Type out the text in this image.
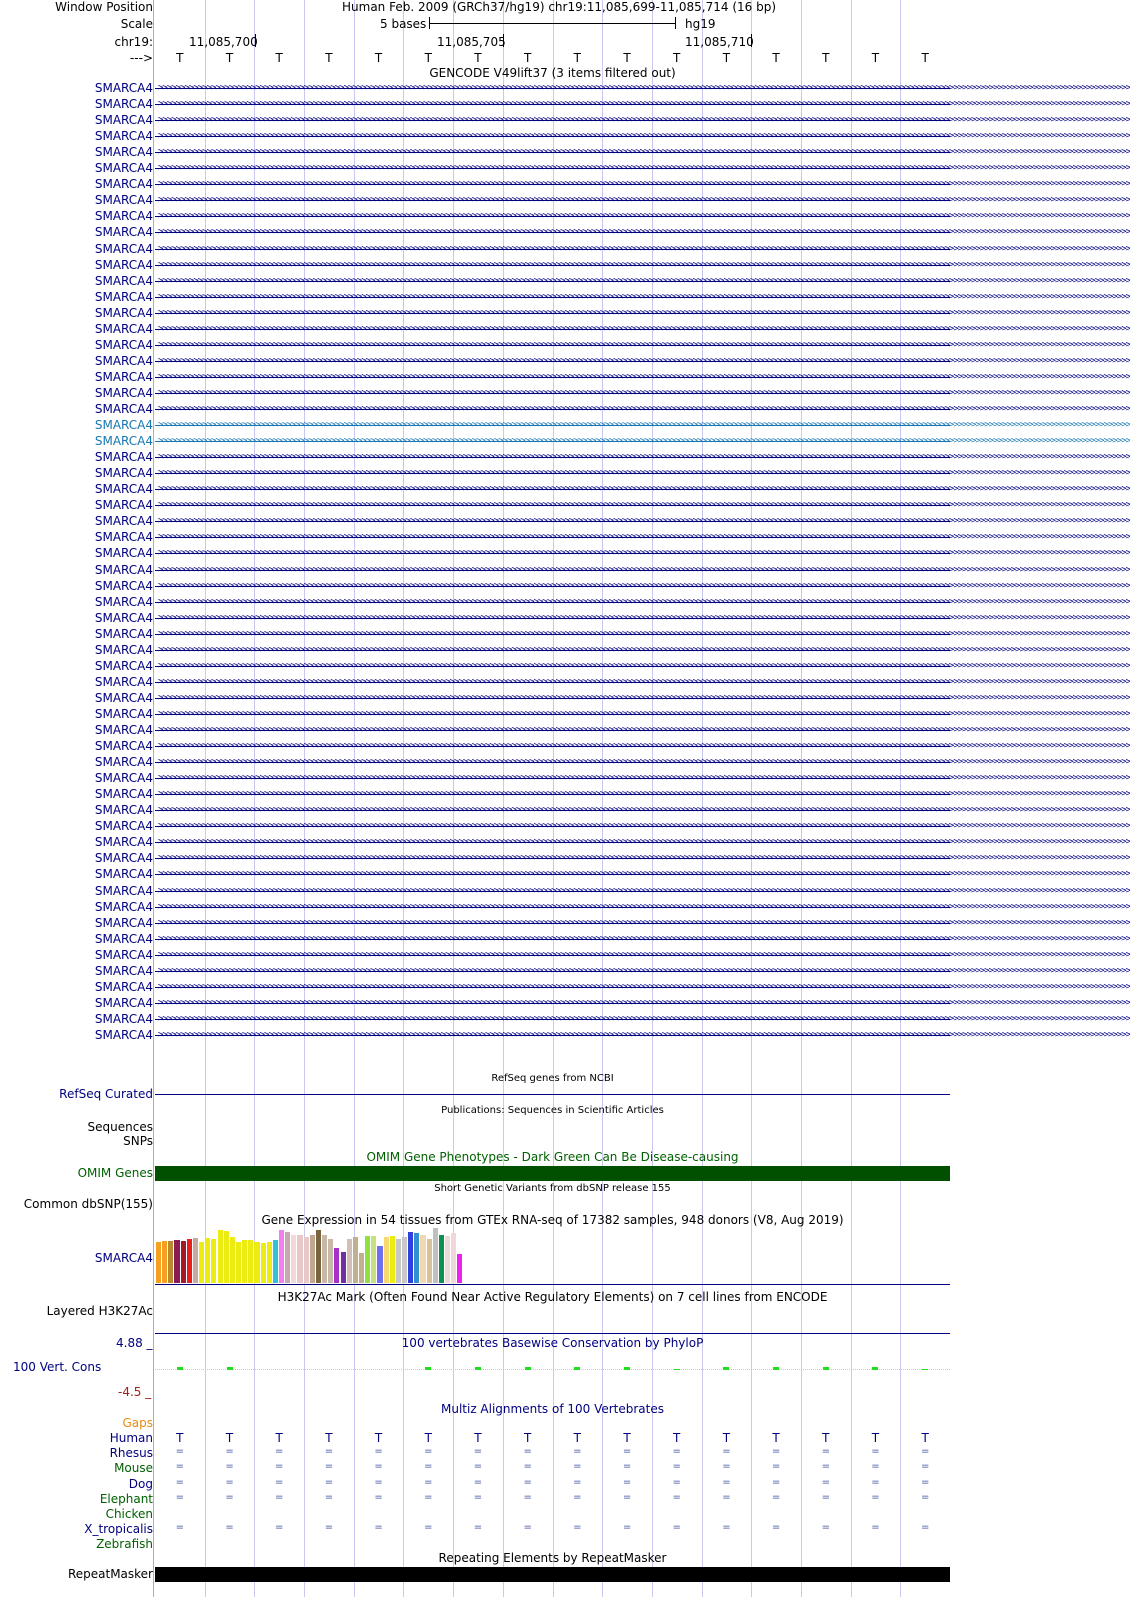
Window Position	Human Feb. 2009 (GRCh37/hg19) chr19:11,085,699-11,085,714 (16 bp)
Scale	5 bases	hg19
chr19:	11,085,700	11,085,705	11,085,710
--->
GENCODE V49lift37 (3 items filtered out)
RefSeq genes from NCBI
RefSeq Curated
Publications: Sequences in Scientific Articles
Sequences
SNPs
OMIM Gene Phenotypes - Dark Green Can Be Disease-causing
OMIM Genes
Short Genetic Variants from dbSNP release 155
Common dbSNP(155)
Gene Expression in 54 tissues from GTEx RNA-seq of 17382 samples, 948 donors (V8, Aug 2019)
SMARCA4
H3K27Ac Mark (Often Found Near Active Regulatory Elements) on 7 cell lines from ENCODE
Layered H3K27Ac
100 vertebrates Basewise Conservation by PhyloP
4.88 _
100 Vert. Cons
-4.5 _
Multiz Alignments of 100 Vertebrates
Gaps
Repeating Elements by RepeatMasker
RepeatMasker
T	T	T	T	T	T	T	T	T	T	T	T	T	T	T	T
SMARCA4 >>>>>>>>>>>>>>>>>>>>>>>>>>>>>>>>>>>>>>>>>>>>>>>>>>>>>>>>>>>>>>>>>>>>>>>>>>>>>>>>>>>>>>>>>>>>>>>>>>>>>>>>>>>>>>>>>>>>>>>>>>>>>>>>>>>>>>>>>>>>>>>>>>>>>>>>>>>>>>>>>>>>>>>>>>>>>>>>>>>>>>>>>>>>>>>>>>>>>>>>>>>>>>>>>>>>>>>>>>>>
SMARCA4 >>>>>>>>>>>>>>>>>>>>>>>>>>>>>>>>>>>>>>>>>>>>>>>>>>>>>>>>>>>>>>>>>>>>>>>>>>>>>>>>>>>>>>>>>>>>>>>>>>>>>>>>>>>>>>>>>>>>>>>>>>>>>>>>>>>>>>>>>>>>>>>>>>>>>>>>>>>>>>>>>>>>>>>>>>>>>>>>>>>>>>>>>>>>>>>>>>>>>>>>>>>>>>>>>>>>>>>>>>>>
SMARCA4 >>>>>>>>>>>>>>>>>>>>>>>>>>>>>>>>>>>>>>>>>>>>>>>>>>>>>>>>>>>>>>>>>>>>>>>>>>>>>>>>>>>>>>>>>>>>>>>>>>>>>>>>>>>>>>>>>>>>>>>>>>>>>>>>>>>>>>>>>>>>>>>>>>>>>>>>>>>>>>>>>>>>>>>>>>>>>>>>>>>>>>>>>>>>>>>>>>>>>>>>>>>>>>>>>>>>>>>>>>>>
SMARCA4 >>>>>>>>>>>>>>>>>>>>>>>>>>>>>>>>>>>>>>>>>>>>>>>>>>>>>>>>>>>>>>>>>>>>>>>>>>>>>>>>>>>>>>>>>>>>>>>>>>>>>>>>>>>>>>>>>>>>>>>>>>>>>>>>>>>>>>>>>>>>>>>>>>>>>>>>>>>>>>>>>>>>>>>>>>>>>>>>>>>>>>>>>>>>>>>>>>>>>>>>>>>>>>>>>>>>>>>>>>>>
SMARCA4 >>>>>>>>>>>>>>>>>>>>>>>>>>>>>>>>>>>>>>>>>>>>>>>>>>>>>>>>>>>>>>>>>>>>>>>>>>>>>>>>>>>>>>>>>>>>>>>>>>>>>>>>>>>>>>>>>>>>>>>>>>>>>>>>>>>>>>>>>>>>>>>>>>>>>>>>>>>>>>>>>>>>>>>>>>>>>>>>>>>>>>>>>>>>>>>>>>>>>>>>>>>>>>>>>>>>>>>>>>>>
SMARCA4 >>>>>>>>>>>>>>>>>>>>>>>>>>>>>>>>>>>>>>>>>>>>>>>>>>>>>>>>>>>>>>>>>>>>>>>>>>>>>>>>>>>>>>>>>>>>>>>>>>>>>>>>>>>>>>>>>>>>>>>>>>>>>>>>>>>>>>>>>>>>>>>>>>>>>>>>>>>>>>>>>>>>>>>>>>>>>>>>>>>>>>>>>>>>>>>>>>>>>>>>>>>>>>>>>>>>>>>>>>>>
SMARCA4 >>>>>>>>>>>>>>>>>>>>>>>>>>>>>>>>>>>>>>>>>>>>>>>>>>>>>>>>>>>>>>>>>>>>>>>>>>>>>>>>>>>>>>>>>>>>>>>>>>>>>>>>>>>>>>>>>>>>>>>>>>>>>>>>>>>>>>>>>>>>>>>>>>>>>>>>>>>>>>>>>>>>>>>>>>>>>>>>>>>>>>>>>>>>>>>>>>>>>>>>>>>>>>>>>>>>>>>>>>>>
SMARCA4 >>>>>>>>>>>>>>>>>>>>>>>>>>>>>>>>>>>>>>>>>>>>>>>>>>>>>>>>>>>>>>>>>>>>>>>>>>>>>>>>>>>>>>>>>>>>>>>>>>>>>>>>>>>>>>>>>>>>>>>>>>>>>>>>>>>>>>>>>>>>>>>>>>>>>>>>>>>>>>>>>>>>>>>>>>>>>>>>>>>>>>>>>>>>>>>>>>>>>>>>>>>>>>>>>>>>>>>>>>>>
SMARCA4 >>>>>>>>>>>>>>>>>>>>>>>>>>>>>>>>>>>>>>>>>>>>>>>>>>>>>>>>>>>>>>>>>>>>>>>>>>>>>>>>>>>>>>>>>>>>>>>>>>>>>>>>>>>>>>>>>>>>>>>>>>>>>>>>>>>>>>>>>>>>>>>>>>>>>>>>>>>>>>>>>>>>>>>>>>>>>>>>>>>>>>>>>>>>>>>>>>>>>>>>>>>>>>>>>>>>>>>>>>>>
SMARCA4 >>>>>>>>>>>>>>>>>>>>>>>>>>>>>>>>>>>>>>>>>>>>>>>>>>>>>>>>>>>>>>>>>>>>>>>>>>>>>>>>>>>>>>>>>>>>>>>>>>>>>>>>>>>>>>>>>>>>>>>>>>>>>>>>>>>>>>>>>>>>>>>>>>>>>>>>>>>>>>>>>>>>>>>>>>>>>>>>>>>>>>>>>>>>>>>>>>>>>>>>>>>>>>>>>>>>>>>>>>>>
SMARCA4 >>>>>>>>>>>>>>>>>>>>>>>>>>>>>>>>>>>>>>>>>>>>>>>>>>>>>>>>>>>>>>>>>>>>>>>>>>>>>>>>>>>>>>>>>>>>>>>>>>>>>>>>>>>>>>>>>>>>>>>>>>>>>>>>>>>>>>>>>>>>>>>>>>>>>>>>>>>>>>>>>>>>>>>>>>>>>>>>>>>>>>>>>>>>>>>>>>>>>>>>>>>>>>>>>>>>>>>>>>>>
SMARCA4 >>>>>>>>>>>>>>>>>>>>>>>>>>>>>>>>>>>>>>>>>>>>>>>>>>>>>>>>>>>>>>>>>>>>>>>>>>>>>>>>>>>>>>>>>>>>>>>>>>>>>>>>>>>>>>>>>>>>>>>>>>>>>>>>>>>>>>>>>>>>>>>>>>>>>>>>>>>>>>>>>>>>>>>>>>>>>>>>>>>>>>>>>>>>>>>>>>>>>>>>>>>>>>>>>>>>>>>>>>>>
SMARCA4 >>>>>>>>>>>>>>>>>>>>>>>>>>>>>>>>>>>>>>>>>>>>>>>>>>>>>>>>>>>>>>>>>>>>>>>>>>>>>>>>>>>>>>>>>>>>>>>>>>>>>>>>>>>>>>>>>>>>>>>>>>>>>>>>>>>>>>>>>>>>>>>>>>>>>>>>>>>>>>>>>>>>>>>>>>>>>>>>>>>>>>>>>>>>>>>>>>>>>>>>>>>>>>>>>>>>>>>>>>>>
SMARCA4 >>>>>>>>>>>>>>>>>>>>>>>>>>>>>>>>>>>>>>>>>>>>>>>>>>>>>>>>>>>>>>>>>>>>>>>>>>>>>>>>>>>>>>>>>>>>>>>>>>>>>>>>>>>>>>>>>>>>>>>>>>>>>>>>>>>>>>>>>>>>>>>>>>>>>>>>>>>>>>>>>>>>>>>>>>>>>>>>>>>>>>>>>>>>>>>>>>>>>>>>>>>>>>>>>>>>>>>>>>>>
SMARCA4 >>>>>>>>>>>>>>>>>>>>>>>>>>>>>>>>>>>>>>>>>>>>>>>>>>>>>>>>>>>>>>>>>>>>>>>>>>>>>>>>>>>>>>>>>>>>>>>>>>>>>>>>>>>>>>>>>>>>>>>>>>>>>>>>>>>>>>>>>>>>>>>>>>>>>>>>>>>>>>>>>>>>>>>>>>>>>>>>>>>>>>>>>>>>>>>>>>>>>>>>>>>>>>>>>>>>>>>>>>>>
SMARCA4 >>>>>>>>>>>>>>>>>>>>>>>>>>>>>>>>>>>>>>>>>>>>>>>>>>>>>>>>>>>>>>>>>>>>>>>>>>>>>>>>>>>>>>>>>>>>>>>>>>>>>>>>>>>>>>>>>>>>>>>>>>>>>>>>>>>>>>>>>>>>>>>>>>>>>>>>>>>>>>>>>>>>>>>>>>>>>>>>>>>>>>>>>>>>>>>>>>>>>>>>>>>>>>>>>>>>>>>>>>>>
SMARCA4 >>>>>>>>>>>>>>>>>>>>>>>>>>>>>>>>>>>>>>>>>>>>>>>>>>>>>>>>>>>>>>>>>>>>>>>>>>>>>>>>>>>>>>>>>>>>>>>>>>>>>>>>>>>>>>>>>>>>>>>>>>>>>>>>>>>>>>>>>>>>>>>>>>>>>>>>>>>>>>>>>>>>>>>>>>>>>>>>>>>>>>>>>>>>>>>>>>>>>>>>>>>>>>>>>>>>>>>>>>>>
SMARCA4 >>>>>>>>>>>>>>>>>>>>>>>>>>>>>>>>>>>>>>>>>>>>>>>>>>>>>>>>>>>>>>>>>>>>>>>>>>>>>>>>>>>>>>>>>>>>>>>>>>>>>>>>>>>>>>>>>>>>>>>>>>>>>>>>>>>>>>>>>>>>>>>>>>>>>>>>>>>>>>>>>>>>>>>>>>>>>>>>>>>>>>>>>>>>>>>>>>>>>>>>>>>>>>>>>>>>>>>>>>>>
SMARCA4 >>>>>>>>>>>>>>>>>>>>>>>>>>>>>>>>>>>>>>>>>>>>>>>>>>>>>>>>>>>>>>>>>>>>>>>>>>>>>>>>>>>>>>>>>>>>>>>>>>>>>>>>>>>>>>>>>>>>>>>>>>>>>>>>>>>>>>>>>>>>>>>>>>>>>>>>>>>>>>>>>>>>>>>>>>>>>>>>>>>>>>>>>>>>>>>>>>>>>>>>>>>>>>>>>>>>>>>>>>>>
SMARCA4 >>>>>>>>>>>>>>>>>>>>>>>>>>>>>>>>>>>>>>>>>>>>>>>>>>>>>>>>>>>>>>>>>>>>>>>>>>>>>>>>>>>>>>>>>>>>>>>>>>>>>>>>>>>>>>>>>>>>>>>>>>>>>>>>>>>>>>>>>>>>>>>>>>>>>>>>>>>>>>>>>>>>>>>>>>>>>>>>>>>>>>>>>>>>>>>>>>>>>>>>>>>>>>>>>>>>>>>>>>>>
SMARCA4 >>>>>>>>>>>>>>>>>>>>>>>>>>>>>>>>>>>>>>>>>>>>>>>>>>>>>>>>>>>>>>>>>>>>>>>>>>>>>>>>>>>>>>>>>>>>>>>>>>>>>>>>>>>>>>>>>>>>>>>>>>>>>>>>>>>>>>>>>>>>>>>>>>>>>>>>>>>>>>>>>>>>>>>>>>>>>>>>>>>>>>>>>>>>>>>>>>>>>>>>>>>>>>>>>>>>>>>>>>>>
SMARCA4 >>>>>>>>>>>>>>>>>>>>>>>>>>>>>>>>>>>>>>>>>>>>>>>>>>>>>>>>>>>>>>>>>>>>>>>>>>>>>>>>>>>>>>>>>>>>>>>>>>>>>>>>>>>>>>>>>>>>>>>>>>>>>>>>>>>>>>>>>>>>>>>>>>>>>>>>>>>>>>>>>>>>>>>>>>>>>>>>>>>>>>>>>>>>>>>>>>>>>>>>>>>>>>>>>>>>>>>>>>>>
SMARCA4 >>>>>>>>>>>>>>>>>>>>>>>>>>>>>>>>>>>>>>>>>>>>>>>>>>>>>>>>>>>>>>>>>>>>>>>>>>>>>>>>>>>>>>>>>>>>>>>>>>>>>>>>>>>>>>>>>>>>>>>>>>>>>>>>>>>>>>>>>>>>>>>>>>>>>>>>>>>>>>>>>>>>>>>>>>>>>>>>>>>>>>>>>>>>>>>>>>>>>>>>>>>>>>>>>>>>>>>>>>>>
SMARCA4 >>>>>>>>>>>>>>>>>>>>>>>>>>>>>>>>>>>>>>>>>>>>>>>>>>>>>>>>>>>>>>>>>>>>>>>>>>>>>>>>>>>>>>>>>>>>>>>>>>>>>>>>>>>>>>>>>>>>>>>>>>>>>>>>>>>>>>>>>>>>>>>>>>>>>>>>>>>>>>>>>>>>>>>>>>>>>>>>>>>>>>>>>>>>>>>>>>>>>>>>>>>>>>>>>>>>>>>>>>>>
SMARCA4 >>>>>>>>>>>>>>>>>>>>>>>>>>>>>>>>>>>>>>>>>>>>>>>>>>>>>>>>>>>>>>>>>>>>>>>>>>>>>>>>>>>>>>>>>>>>>>>>>>>>>>>>>>>>>>>>>>>>>>>>>>>>>>>>>>>>>>>>>>>>>>>>>>>>>>>>>>>>>>>>>>>>>>>>>>>>>>>>>>>>>>>>>>>>>>>>>>>>>>>>>>>>>>>>>>>>>>>>>>>>
SMARCA4 >>>>>>>>>>>>>>>>>>>>>>>>>>>>>>>>>>>>>>>>>>>>>>>>>>>>>>>>>>>>>>>>>>>>>>>>>>>>>>>>>>>>>>>>>>>>>>>>>>>>>>>>>>>>>>>>>>>>>>>>>>>>>>>>>>>>>>>>>>>>>>>>>>>>>>>>>>>>>>>>>>>>>>>>>>>>>>>>>>>>>>>>>>>>>>>>>>>>>>>>>>>>>>>>>>>>>>>>>>>>
SMARCA4 >>>>>>>>>>>>>>>>>>>>>>>>>>>>>>>>>>>>>>>>>>>>>>>>>>>>>>>>>>>>>>>>>>>>>>>>>>>>>>>>>>>>>>>>>>>>>>>>>>>>>>>>>>>>>>>>>>>>>>>>>>>>>>>>>>>>>>>>>>>>>>>>>>>>>>>>>>>>>>>>>>>>>>>>>>>>>>>>>>>>>>>>>>>>>>>>>>>>>>>>>>>>>>>>>>>>>>>>>>>>
SMARCA4 >>>>>>>>>>>>>>>>>>>>>>>>>>>>>>>>>>>>>>>>>>>>>>>>>>>>>>>>>>>>>>>>>>>>>>>>>>>>>>>>>>>>>>>>>>>>>>>>>>>>>>>>>>>>>>>>>>>>>>>>>>>>>>>>>>>>>>>>>>>>>>>>>>>>>>>>>>>>>>>>>>>>>>>>>>>>>>>>>>>>>>>>>>>>>>>>>>>>>>>>>>>>>>>>>>>>>>>>>>>>
SMARCA4 >>>>>>>>>>>>>>>>>>>>>>>>>>>>>>>>>>>>>>>>>>>>>>>>>>>>>>>>>>>>>>>>>>>>>>>>>>>>>>>>>>>>>>>>>>>>>>>>>>>>>>>>>>>>>>>>>>>>>>>>>>>>>>>>>>>>>>>>>>>>>>>>>>>>>>>>>>>>>>>>>>>>>>>>>>>>>>>>>>>>>>>>>>>>>>>>>>>>>>>>>>>>>>>>>>>>>>>>>>>>
SMARCA4 >>>>>>>>>>>>>>>>>>>>>>>>>>>>>>>>>>>>>>>>>>>>>>>>>>>>>>>>>>>>>>>>>>>>>>>>>>>>>>>>>>>>>>>>>>>>>>>>>>>>>>>>>>>>>>>>>>>>>>>>>>>>>>>>>>>>>>>>>>>>>>>>>>>>>>>>>>>>>>>>>>>>>>>>>>>>>>>>>>>>>>>>>>>>>>>>>>>>>>>>>>>>>>>>>>>>>>>>>>>>
SMARCA4 >>>>>>>>>>>>>>>>>>>>>>>>>>>>>>>>>>>>>>>>>>>>>>>>>>>>>>>>>>>>>>>>>>>>>>>>>>>>>>>>>>>>>>>>>>>>>>>>>>>>>>>>>>>>>>>>>>>>>>>>>>>>>>>>>>>>>>>>>>>>>>>>>>>>>>>>>>>>>>>>>>>>>>>>>>>>>>>>>>>>>>>>>>>>>>>>>>>>>>>>>>>>>>>>>>>>>>>>>>>>
SMARCA4 >>>>>>>>>>>>>>>>>>>>>>>>>>>>>>>>>>>>>>>>>>>>>>>>>>>>>>>>>>>>>>>>>>>>>>>>>>>>>>>>>>>>>>>>>>>>>>>>>>>>>>>>>>>>>>>>>>>>>>>>>>>>>>>>>>>>>>>>>>>>>>>>>>>>>>>>>>>>>>>>>>>>>>>>>>>>>>>>>>>>>>>>>>>>>>>>>>>>>>>>>>>>>>>>>>>>>>>>>>>>
SMARCA4 >>>>>>>>>>>>>>>>>>>>>>>>>>>>>>>>>>>>>>>>>>>>>>>>>>>>>>>>>>>>>>>>>>>>>>>>>>>>>>>>>>>>>>>>>>>>>>>>>>>>>>>>>>>>>>>>>>>>>>>>>>>>>>>>>>>>>>>>>>>>>>>>>>>>>>>>>>>>>>>>>>>>>>>>>>>>>>>>>>>>>>>>>>>>>>>>>>>>>>>>>>>>>>>>>>>>>>>>>>>>
SMARCA4 >>>>>>>>>>>>>>>>>>>>>>>>>>>>>>>>>>>>>>>>>>>>>>>>>>>>>>>>>>>>>>>>>>>>>>>>>>>>>>>>>>>>>>>>>>>>>>>>>>>>>>>>>>>>>>>>>>>>>>>>>>>>>>>>>>>>>>>>>>>>>>>>>>>>>>>>>>>>>>>>>>>>>>>>>>>>>>>>>>>>>>>>>>>>>>>>>>>>>>>>>>>>>>>>>>>>>>>>>>>>
SMARCA4 >>>>>>>>>>>>>>>>>>>>>>>>>>>>>>>>>>>>>>>>>>>>>>>>>>>>>>>>>>>>>>>>>>>>>>>>>>>>>>>>>>>>>>>>>>>>>>>>>>>>>>>>>>>>>>>>>>>>>>>>>>>>>>>>>>>>>>>>>>>>>>>>>>>>>>>>>>>>>>>>>>>>>>>>>>>>>>>>>>>>>>>>>>>>>>>>>>>>>>>>>>>>>>>>>>>>>>>>>>>>
SMARCA4 >>>>>>>>>>>>>>>>>>>>>>>>>>>>>>>>>>>>>>>>>>>>>>>>>>>>>>>>>>>>>>>>>>>>>>>>>>>>>>>>>>>>>>>>>>>>>>>>>>>>>>>>>>>>>>>>>>>>>>>>>>>>>>>>>>>>>>>>>>>>>>>>>>>>>>>>>>>>>>>>>>>>>>>>>>>>>>>>>>>>>>>>>>>>>>>>>>>>>>>>>>>>>>>>>>>>>>>>>>>>
SMARCA4 >>>>>>>>>>>>>>>>>>>>>>>>>>>>>>>>>>>>>>>>>>>>>>>>>>>>>>>>>>>>>>>>>>>>>>>>>>>>>>>>>>>>>>>>>>>>>>>>>>>>>>>>>>>>>>>>>>>>>>>>>>>>>>>>>>>>>>>>>>>>>>>>>>>>>>>>>>>>>>>>>>>>>>>>>>>>>>>>>>>>>>>>>>>>>>>>>>>>>>>>>>>>>>>>>>>>>>>>>>>>
SMARCA4 >>>>>>>>>>>>>>>>>>>>>>>>>>>>>>>>>>>>>>>>>>>>>>>>>>>>>>>>>>>>>>>>>>>>>>>>>>>>>>>>>>>>>>>>>>>>>>>>>>>>>>>>>>>>>>>>>>>>>>>>>>>>>>>>>>>>>>>>>>>>>>>>>>>>>>>>>>>>>>>>>>>>>>>>>>>>>>>>>>>>>>>>>>>>>>>>>>>>>>>>>>>>>>>>>>>>>>>>>>>>
SMARCA4 >>>>>>>>>>>>>>>>>>>>>>>>>>>>>>>>>>>>>>>>>>>>>>>>>>>>>>>>>>>>>>>>>>>>>>>>>>>>>>>>>>>>>>>>>>>>>>>>>>>>>>>>>>>>>>>>>>>>>>>>>>>>>>>>>>>>>>>>>>>>>>>>>>>>>>>>>>>>>>>>>>>>>>>>>>>>>>>>>>>>>>>>>>>>>>>>>>>>>>>>>>>>>>>>>>>>>>>>>>>>
SMARCA4 >>>>>>>>>>>>>>>>>>>>>>>>>>>>>>>>>>>>>>>>>>>>>>>>>>>>>>>>>>>>>>>>>>>>>>>>>>>>>>>>>>>>>>>>>>>>>>>>>>>>>>>>>>>>>>>>>>>>>>>>>>>>>>>>>>>>>>>>>>>>>>>>>>>>>>>>>>>>>>>>>>>>>>>>>>>>>>>>>>>>>>>>>>>>>>>>>>>>>>>>>>>>>>>>>>>>>>>>>>>>
SMARCA4 >>>>>>>>>>>>>>>>>>>>>>>>>>>>>>>>>>>>>>>>>>>>>>>>>>>>>>>>>>>>>>>>>>>>>>>>>>>>>>>>>>>>>>>>>>>>>>>>>>>>>>>>>>>>>>>>>>>>>>>>>>>>>>>>>>>>>>>>>>>>>>>>>>>>>>>>>>>>>>>>>>>>>>>>>>>>>>>>>>>>>>>>>>>>>>>>>>>>>>>>>>>>>>>>>>>>>>>>>>>>
SMARCA4 >>>>>>>>>>>>>>>>>>>>>>>>>>>>>>>>>>>>>>>>>>>>>>>>>>>>>>>>>>>>>>>>>>>>>>>>>>>>>>>>>>>>>>>>>>>>>>>>>>>>>>>>>>>>>>>>>>>>>>>>>>>>>>>>>>>>>>>>>>>>>>>>>>>>>>>>>>>>>>>>>>>>>>>>>>>>>>>>>>>>>>>>>>>>>>>>>>>>>>>>>>>>>>>>>>>>>>>>>>>>
SMARCA4 >>>>>>>>>>>>>>>>>>>>>>>>>>>>>>>>>>>>>>>>>>>>>>>>>>>>>>>>>>>>>>>>>>>>>>>>>>>>>>>>>>>>>>>>>>>>>>>>>>>>>>>>>>>>>>>>>>>>>>>>>>>>>>>>>>>>>>>>>>>>>>>>>>>>>>>>>>>>>>>>>>>>>>>>>>>>>>>>>>>>>>>>>>>>>>>>>>>>>>>>>>>>>>>>>>>>>>>>>>>>
SMARCA4 >>>>>>>>>>>>>>>>>>>>>>>>>>>>>>>>>>>>>>>>>>>>>>>>>>>>>>>>>>>>>>>>>>>>>>>>>>>>>>>>>>>>>>>>>>>>>>>>>>>>>>>>>>>>>>>>>>>>>>>>>>>>>>>>>>>>>>>>>>>>>>>>>>>>>>>>>>>>>>>>>>>>>>>>>>>>>>>>>>>>>>>>>>>>>>>>>>>>>>>>>>>>>>>>>>>>>>>>>>>>
SMARCA4 >>>>>>>>>>>>>>>>>>>>>>>>>>>>>>>>>>>>>>>>>>>>>>>>>>>>>>>>>>>>>>>>>>>>>>>>>>>>>>>>>>>>>>>>>>>>>>>>>>>>>>>>>>>>>>>>>>>>>>>>>>>>>>>>>>>>>>>>>>>>>>>>>>>>>>>>>>>>>>>>>>>>>>>>>>>>>>>>>>>>>>>>>>>>>>>>>>>>>>>>>>>>>>>>>>>>>>>>>>>>
SMARCA4 >>>>>>>>>>>>>>>>>>>>>>>>>>>>>>>>>>>>>>>>>>>>>>>>>>>>>>>>>>>>>>>>>>>>>>>>>>>>>>>>>>>>>>>>>>>>>>>>>>>>>>>>>>>>>>>>>>>>>>>>>>>>>>>>>>>>>>>>>>>>>>>>>>>>>>>>>>>>>>>>>>>>>>>>>>>>>>>>>>>>>>>>>>>>>>>>>>>>>>>>>>>>>>>>>>>>>>>>>>>>
SMARCA4 >>>>>>>>>>>>>>>>>>>>>>>>>>>>>>>>>>>>>>>>>>>>>>>>>>>>>>>>>>>>>>>>>>>>>>>>>>>>>>>>>>>>>>>>>>>>>>>>>>>>>>>>>>>>>>>>>>>>>>>>>>>>>>>>>>>>>>>>>>>>>>>>>>>>>>>>>>>>>>>>>>>>>>>>>>>>>>>>>>>>>>>>>>>>>>>>>>>>>>>>>>>>>>>>>>>>>>>>>>>>
SMARCA4 >>>>>>>>>>>>>>>>>>>>>>>>>>>>>>>>>>>>>>>>>>>>>>>>>>>>>>>>>>>>>>>>>>>>>>>>>>>>>>>>>>>>>>>>>>>>>>>>>>>>>>>>>>>>>>>>>>>>>>>>>>>>>>>>>>>>>>>>>>>>>>>>>>>>>>>>>>>>>>>>>>>>>>>>>>>>>>>>>>>>>>>>>>>>>>>>>>>>>>>>>>>>>>>>>>>>>>>>>>>>
SMARCA4 >>>>>>>>>>>>>>>>>>>>>>>>>>>>>>>>>>>>>>>>>>>>>>>>>>>>>>>>>>>>>>>>>>>>>>>>>>>>>>>>>>>>>>>>>>>>>>>>>>>>>>>>>>>>>>>>>>>>>>>>>>>>>>>>>>>>>>>>>>>>>>>>>>>>>>>>>>>>>>>>>>>>>>>>>>>>>>>>>>>>>>>>>>>>>>>>>>>>>>>>>>>>>>>>>>>>>>>>>>>>
SMARCA4 >>>>>>>>>>>>>>>>>>>>>>>>>>>>>>>>>>>>>>>>>>>>>>>>>>>>>>>>>>>>>>>>>>>>>>>>>>>>>>>>>>>>>>>>>>>>>>>>>>>>>>>>>>>>>>>>>>>>>>>>>>>>>>>>>>>>>>>>>>>>>>>>>>>>>>>>>>>>>>>>>>>>>>>>>>>>>>>>>>>>>>>>>>>>>>>>>>>>>>>>>>>>>>>>>>>>>>>>>>>>
SMARCA4 >>>>>>>>>>>>>>>>>>>>>>>>>>>>>>>>>>>>>>>>>>>>>>>>>>>>>>>>>>>>>>>>>>>>>>>>>>>>>>>>>>>>>>>>>>>>>>>>>>>>>>>>>>>>>>>>>>>>>>>>>>>>>>>>>>>>>>>>>>>>>>>>>>>>>>>>>>>>>>>>>>>>>>>>>>>>>>>>>>>>>>>>>>>>>>>>>>>>>>>>>>>>>>>>>>>>>>>>>>>>
SMARCA4 >>>>>>>>>>>>>>>>>>>>>>>>>>>>>>>>>>>>>>>>>>>>>>>>>>>>>>>>>>>>>>>>>>>>>>>>>>>>>>>>>>>>>>>>>>>>>>>>>>>>>>>>>>>>>>>>>>>>>>>>>>>>>>>>>>>>>>>>>>>>>>>>>>>>>>>>>>>>>>>>>>>>>>>>>>>>>>>>>>>>>>>>>>>>>>>>>>>>>>>>>>>>>>>>>>>>>>>>>>>>
SMARCA4 >>>>>>>>>>>>>>>>>>>>>>>>>>>>>>>>>>>>>>>>>>>>>>>>>>>>>>>>>>>>>>>>>>>>>>>>>>>>>>>>>>>>>>>>>>>>>>>>>>>>>>>>>>>>>>>>>>>>>>>>>>>>>>>>>>>>>>>>>>>>>>>>>>>>>>>>>>>>>>>>>>>>>>>>>>>>>>>>>>>>>>>>>>>>>>>>>>>>>>>>>>>>>>>>>>>>>>>>>>>>
SMARCA4 >>>>>>>>>>>>>>>>>>>>>>>>>>>>>>>>>>>>>>>>>>>>>>>>>>>>>>>>>>>>>>>>>>>>>>>>>>>>>>>>>>>>>>>>>>>>>>>>>>>>>>>>>>>>>>>>>>>>>>>>>>>>>>>>>>>>>>>>>>>>>>>>>>>>>>>>>>>>>>>>>>>>>>>>>>>>>>>>>>>>>>>>>>>>>>>>>>>>>>>>>>>>>>>>>>>>>>>>>>>>
SMARCA4 >>>>>>>>>>>>>>>>>>>>>>>>>>>>>>>>>>>>>>>>>>>>>>>>>>>>>>>>>>>>>>>>>>>>>>>>>>>>>>>>>>>>>>>>>>>>>>>>>>>>>>>>>>>>>>>>>>>>>>>>>>>>>>>>>>>>>>>>>>>>>>>>>>>>>>>>>>>>>>>>>>>>>>>>>>>>>>>>>>>>>>>>>>>>>>>>>>>>>>>>>>>>>>>>>>>>>>>>>>>>
SMARCA4 >>>>>>>>>>>>>>>>>>>>>>>>>>>>>>>>>>>>>>>>>>>>>>>>>>>>>>>>>>>>>>>>>>>>>>>>>>>>>>>>>>>>>>>>>>>>>>>>>>>>>>>>>>>>>>>>>>>>>>>>>>>>>>>>>>>>>>>>>>>>>>>>>>>>>>>>>>>>>>>>>>>>>>>>>>>>>>>>>>>>>>>>>>>>>>>>>>>>>>>>>>>>>>>>>>>>>>>>>>>>
SMARCA4 >>>>>>>>>>>>>>>>>>>>>>>>>>>>>>>>>>>>>>>>>>>>>>>>>>>>>>>>>>>>>>>>>>>>>>>>>>>>>>>>>>>>>>>>>>>>>>>>>>>>>>>>>>>>>>>>>>>>>>>>>>>>>>>>>>>>>>>>>>>>>>>>>>>>>>>>>>>>>>>>>>>>>>>>>>>>>>>>>>>>>>>>>>>>>>>>>>>>>>>>>>>>>>>>>>>>>>>>>>>>
SMARCA4 >>>>>>>>>>>>>>>>>>>>>>>>>>>>>>>>>>>>>>>>>>>>>>>>>>>>>>>>>>>>>>>>>>>>>>>>>>>>>>>>>>>>>>>>>>>>>>>>>>>>>>>>>>>>>>>>>>>>>>>>>>>>>>>>>>>>>>>>>>>>>>>>>>>>>>>>>>>>>>>>>>>>>>>>>>>>>>>>>>>>>>>>>>>>>>>>>>>>>>>>>>>>>>>>>>>>>>>>>>>>
SMARCA4 >>>>>>>>>>>>>>>>>>>>>>>>>>>>>>>>>>>>>>>>>>>>>>>>>>>>>>>>>>>>>>>>>>>>>>>>>>>>>>>>>>>>>>>>>>>>>>>>>>>>>>>>>>>>>>>>>>>>>>>>>>>>>>>>>>>>>>>>>>>>>>>>>>>>>>>>>>>>>>>>>>>>>>>>>>>>>>>>>>>>>>>>>>>>>>>>>>>>>>>>>>>>>>>>>>>>>>>>>>>>
SMARCA4 >>>>>>>>>>>>>>>>>>>>>>>>>>>>>>>>>>>>>>>>>>>>>>>>>>>>>>>>>>>>>>>>>>>>>>>>>>>>>>>>>>>>>>>>>>>>>>>>>>>>>>>>>>>>>>>>>>>>>>>>>>>>>>>>>>>>>>>>>>>>>>>>>>>>>>>>>>>>>>>>>>>>>>>>>>>>>>>>>>>>>>>>>>>>>>>>>>>>>>>>>>>>>>>>>>>>>>>>>>>>
Human	T	T	T	T	T	T	T	T	T	T	T	T	T	T	T	T
Rhesus	=	=	=	=	=	=	=	=	=	=	=	=	=	=	=	=
Mouse	=	=	=	=	=	=	=	=	=	=	=	=	=	=	=	=
Dog	=	=	=	=	=	=	=	=	=	=	=	=	=	=	=	=
Elephant	=	=	=	=	=	=	=	=	=	=	=	=	=	=	=	=
Chicken
X_tropicalis	=	=	=	=	=	=	=	=	=	=	=	=	=	=	=	=
Zebrafish
